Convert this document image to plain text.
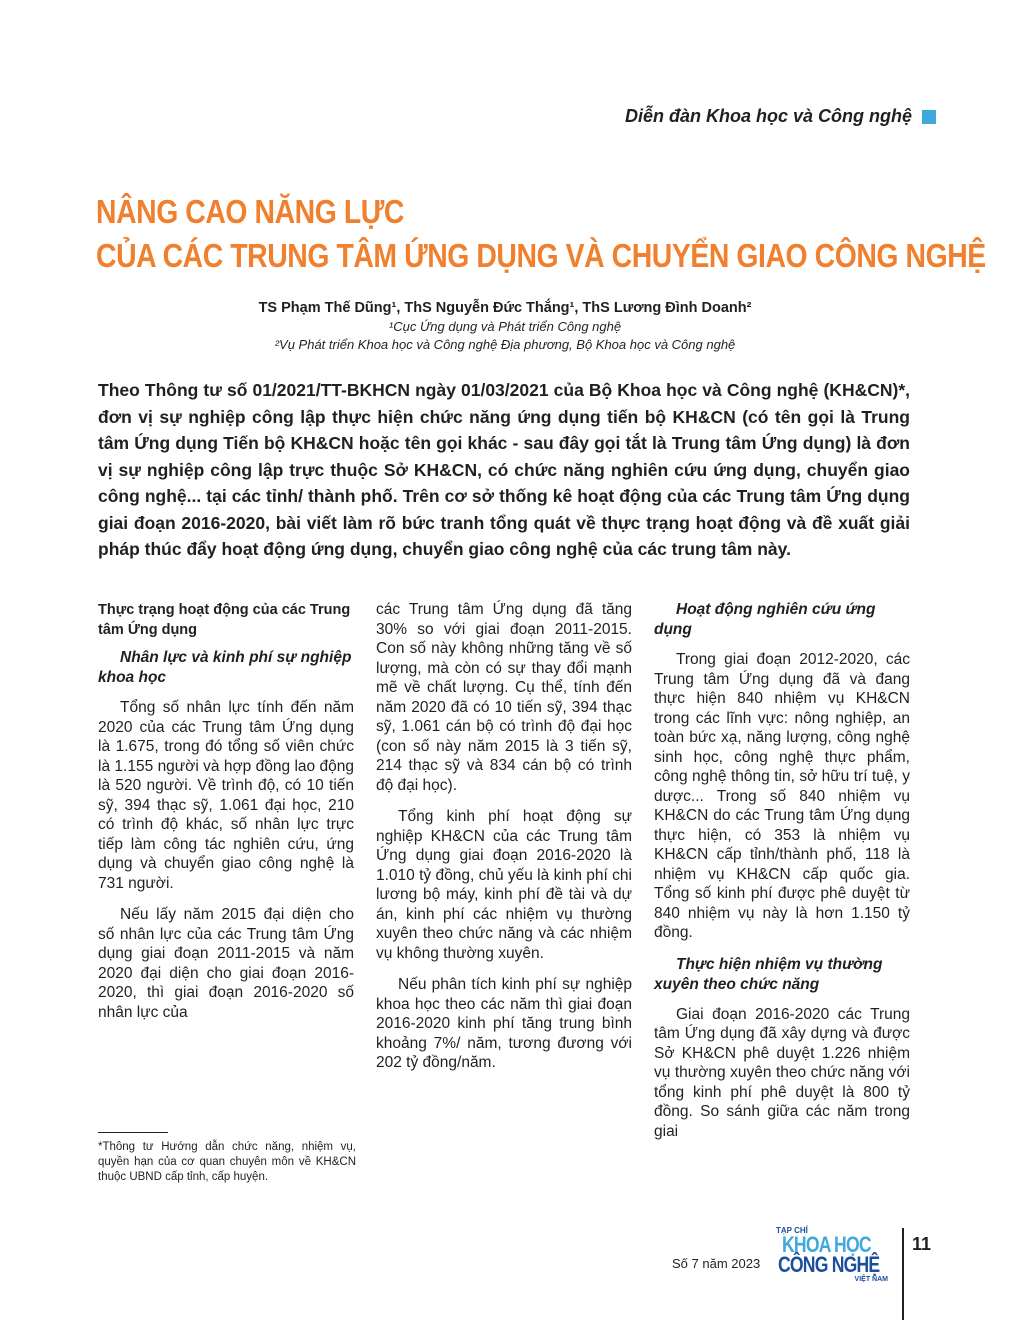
Diễn đàn Khoa học và Công nghệ
NÂNG CAO NĂNG LỰC
CỦA CÁC TRUNG TÂM ỨNG DỤNG VÀ CHUYỂN GIAO CÔNG NGHỆ
TS Phạm Thế Dũng¹, ThS Nguyễn Đức Thắng¹, ThS Lương Đình Doanh²
¹Cục Ứng dụng và Phát triển Công nghệ
²Vụ Phát triển Khoa học và Công nghệ Địa phương, Bộ Khoa học và Công nghệ
Theo Thông tư số 01/2021/TT-BKHCN ngày 01/03/2021 của Bộ Khoa học và Công nghệ (KH&CN)*, đơn vị sự nghiệp công lập thực hiện chức năng ứng dụng tiến bộ KH&CN (có tên gọi là Trung tâm Ứng dụng Tiến bộ KH&CN hoặc tên gọi khác - sau đây gọi tắt là Trung tâm Ứng dụng) là đơn vị sự nghiệp công lập trực thuộc Sở KH&CN, có chức năng nghiên cứu ứng dụng, chuyển giao công nghệ... tại các tỉnh/ thành phố. Trên cơ sở thống kê hoạt động của các Trung tâm Ứng dụng giai đoạn 2016-2020, bài viết làm rõ bức tranh tổng quát về thực trạng hoạt động và đề xuất giải pháp thúc đẩy hoạt động ứng dụng, chuyển giao công nghệ của các trung tâm này.
Thực trạng hoạt động của các Trung tâm Ứng dụng
Nhân lực và kinh phí sự nghiệp khoa học

Tổng số nhân lực tính đến năm 2020 của các Trung tâm Ứng dụng là 1.675, trong đó tổng số viên chức là 1.155 người và hợp đồng lao động là 520 người. Về trình độ, có 10 tiến sỹ, 394 thạc sỹ, 1.061 đại học, 210 có trình độ khác, số nhân lực trực tiếp làm công tác nghiên cứu, ứng dụng và chuyển giao công nghệ là 731 người.

Nếu lấy năm 2015 đại diện cho số nhân lực của các Trung tâm Ứng dụng giai đoạn 2011-2015 và năm 2020 đại diện cho giai đoạn 2016-2020, thì giai đoạn 2016-2020 số nhân lực của

các Trung tâm Ứng dụng đã tăng 30% so với giai đoạn 2011-2015. Con số này không những tăng về số lượng, mà còn có sự thay đổi mạnh mẽ về chất lượng. Cụ thể, tính đến năm 2020 đã có 10 tiến sỹ, 394 thạc sỹ, 1.061 cán bộ có trình độ đại học (con số này năm 2015 là 3 tiến sỹ, 214 thạc sỹ và 834 cán bộ có trình độ đại học).

Tổng kinh phí hoạt động sự nghiệp KH&CN của các Trung tâm Ứng dụng giai đoạn 2016-2020 là 1.010 tỷ đồng, chủ yếu là kinh phí chi lương bộ máy, kinh phí đề tài và dự án, kinh phí các nhiệm vụ thường xuyên theo chức năng và các nhiệm vụ không thường xuyên.

Nếu phân tích kinh phí sự nghiệp khoa học theo các năm thì giai đoạn 2016-2020 kinh phí tăng trung bình khoảng 7%/ năm, tương đương với 202 tỷ đồng/năm.

Hoạt động nghiên cứu ứng dụng

Trong giai đoạn 2012-2020, các Trung tâm Ứng dụng đã và đang thực hiện 840 nhiệm vụ KH&CN trong các lĩnh vực: nông nghiệp, an toàn bức xạ, năng lượng, công nghệ sinh học, công nghệ thực phẩm, công nghệ thông tin, sở hữu trí tuệ, y dược... Trong số 840 nhiệm vụ KH&CN do các Trung tâm Ứng dụng thực hiện, có 353 là nhiệm vụ KH&CN cấp tỉnh/thành phố, 118 là nhiệm vụ KH&CN cấp quốc gia. Tổng số kinh phí được phê duyệt từ 840 nhiệm vụ này là hơn 1.150 tỷ đồng.

Thực hiện nhiệm vụ thường xuyên theo chức năng

Giai đoạn 2016-2020 các Trung tâm Ứng dụng đã xây dựng và được Sở KH&CN phê duyệt 1.226 nhiệm vụ thường xuyên theo chức năng với tổng kinh phí phê duyệt là 800 tỷ đồng. So sánh giữa các năm trong giai

*Thông tư Hướng dẫn chức năng, nhiệm vụ, quyền hạn của cơ quan chuyên môn về KH&CN thuộc UBND cấp tỉnh, cấp huyện.
Số 7 năm 2023
TẠP CHÍ
KHOA HỌC
CÔNG NGHỆ
VIỆT NAM
11
